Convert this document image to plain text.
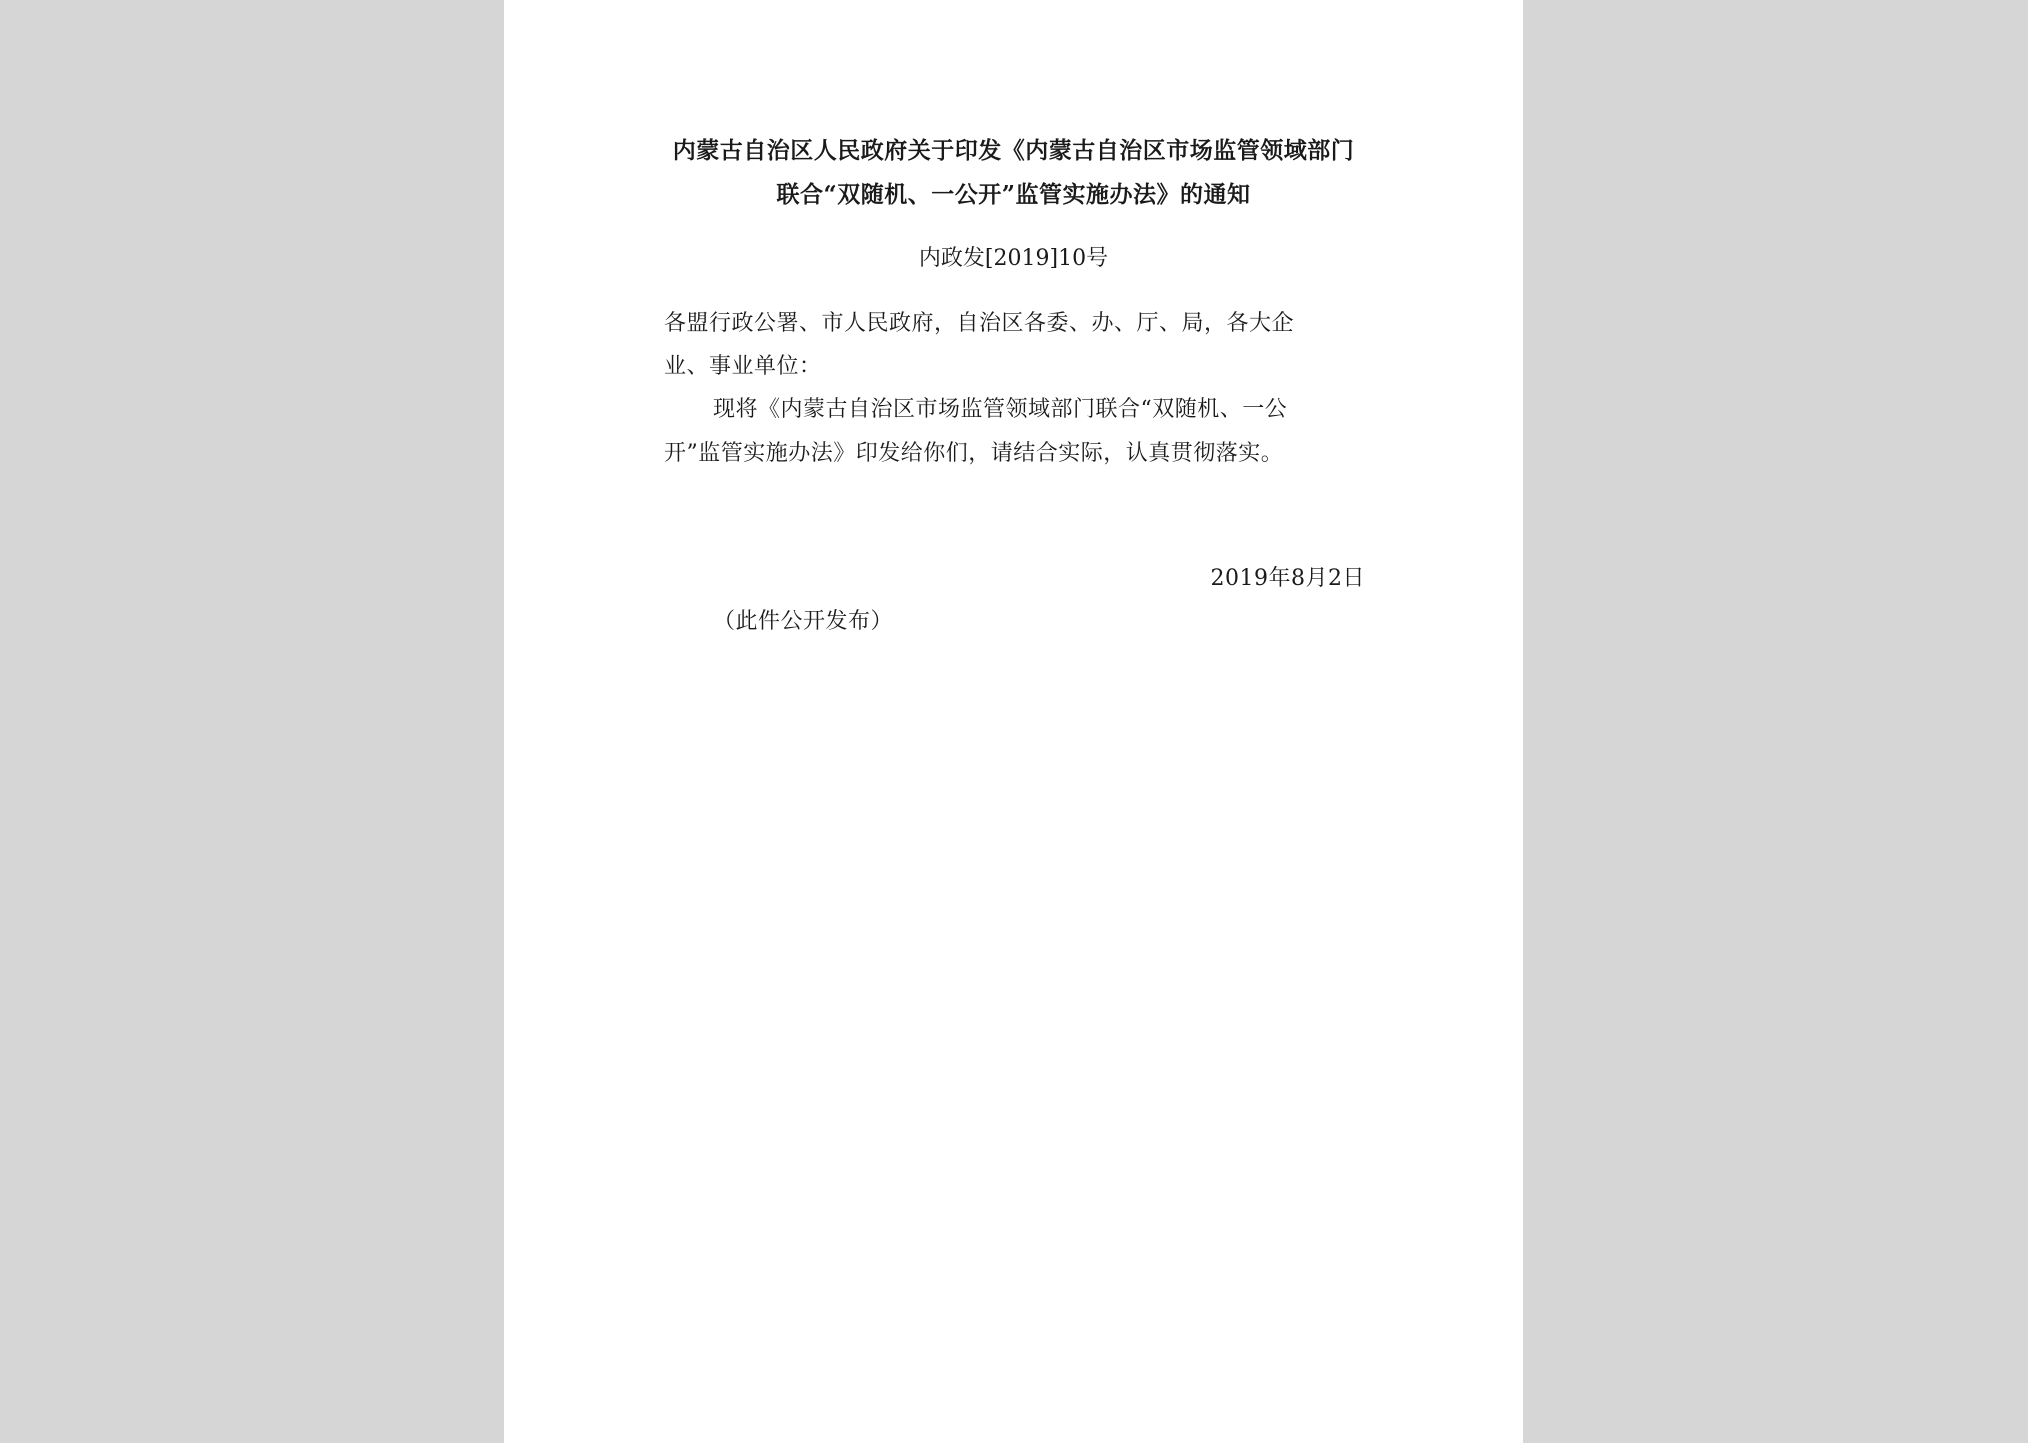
内蒙古自治区人民政府关于印发《内蒙古自治区市场监管领域部门
联合“双随机、一公开”监管实施办法》的通知
内政发[2019]10号
各盟行政公署、市人民政府，自治区各委、办、厅、局，各大企
业、事业单位：
现将《内蒙古自治区市场监管领域部门联合“双随机、一公
开”监管实施办法》印发给你们，请结合实际，认真贯彻落实。
2019年8月2日
（此件公开发布）
